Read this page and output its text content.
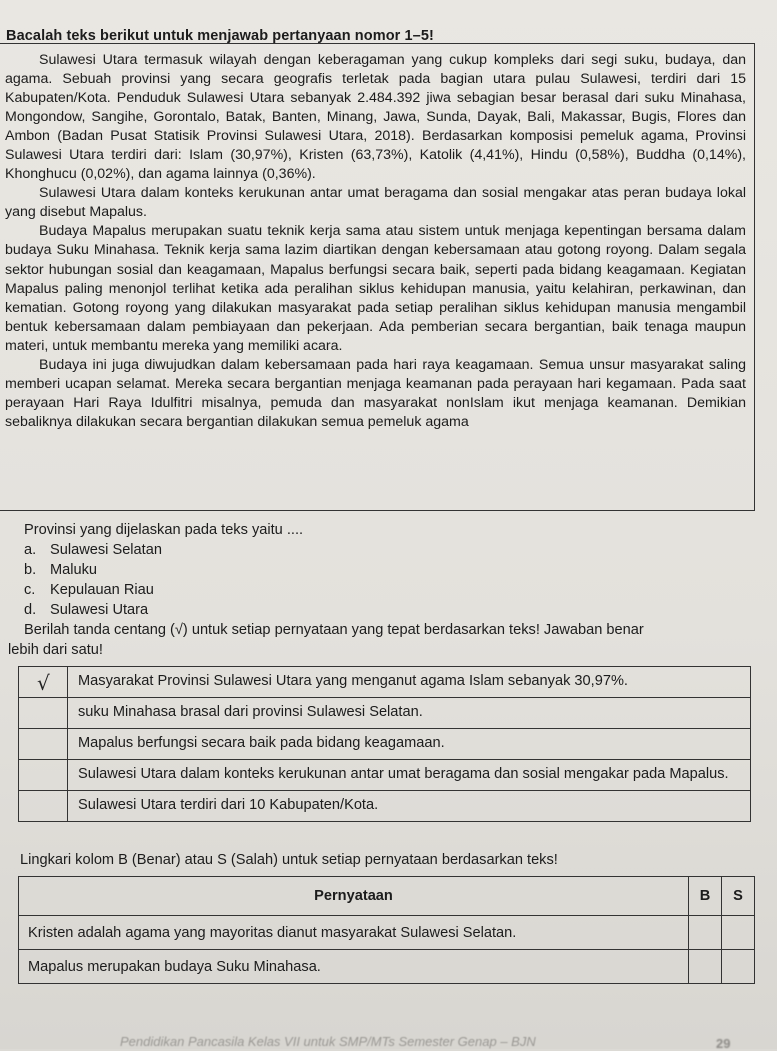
Bacalah teks berikut untuk menjawab pertanyaan nomor 1–5!

Sulawesi Utara termasuk wilayah dengan keberagaman yang cukup kompleks dari segi suku, budaya, dan agama. Sebuah provinsi yang secara geografis terletak pada bagian utara pulau Sulawesi, terdiri dari 15 Kabupaten/Kota. Penduduk Sulawesi Utara sebanyak 2.484.392 jiwa sebagian besar berasal dari suku Minahasa, Mongondow, Sangihe, Gorontalo, Batak, Banten, Minang, Jawa, Sunda, Dayak, Bali, Makassar, Bugis, Flores dan Ambon (Badan Pusat Statisik Provinsi Sulawesi Utara, 2018). Berdasarkan komposisi pemeluk agama, Provinsi Sulawesi Utara terdiri dari: Islam (30,97%), Kristen (63,73%), Katolik (4,41%), Hindu (0,58%), Buddha (0,14%), Khonghucu (0,02%), dan agama lainnya (0,36%).

Sulawesi Utara dalam konteks kerukunan antar umat beragama dan sosial mengakar atas peran budaya lokal yang disebut Mapalus.

Budaya Mapalus merupakan suatu teknik kerja sama atau sistem untuk menjaga kepentingan bersama dalam budaya Suku Minahasa. Teknik kerja sama lazim diartikan dengan kebersamaan atau gotong royong. Dalam segala sektor hubungan sosial dan keagamaan, Mapalus berfungsi secara baik, seperti pada bidang keagamaan. Kegiatan Mapalus paling menonjol terlihat ketika ada peralihan siklus kehidupan manusia, yaitu kelahiran, perkawinan, dan kematian. Gotong royong yang dilakukan masyarakat pada setiap peralihan siklus kehidupan manusia mengambil bentuk kebersamaan dalam pembiayaan dan pekerjaan. Ada pemberian secara bergantian, baik tenaga maupun materi, untuk membantu mereka yang memiliki acara.

Budaya ini juga diwujudkan dalam kebersamaan pada hari raya keagamaan. Semua unsur masyarakat saling memberi ucapan selamat. Mereka secara bergantian menjaga keamanan pada perayaan hari kegamaan. Pada saat perayaan Hari Raya Idulfitri misalnya, pemuda dan masyarakat nonIslam ikut menjaga keamanan. Demikian sebaliknya dilakukan secara bergantian dilakukan semua pemeluk agama

Provinsi yang dijelaskan pada teks yaitu ....
a. Sulawesi Selatan
b. Maluku
c.	Kepulauan Riau
d. Sulawesi Utara
Berilah tanda centang (√) untuk setiap pernyataan yang tepat berdasarkan teks! Jawaban benar
lebih dari satu!
√	Masyarakat Provinsi Sulawesi Utara yang menganut agama Islam sebanyak 30,97%.
	suku Minahasa brasal dari provinsi Sulawesi Selatan.
	Mapalus berfungsi secara baik pada bidang keagamaan.
	Sulawesi Utara dalam konteks kerukunan antar umat beragama dan sosial mengakar pada Mapalus.
	Sulawesi Utara terdiri dari 10 Kabupaten/Kota.
Lingkari kolom B (Benar) atau S (Salah) untuk setiap pernyataan berdasarkan teks!
Pernyataan	B	S
Kristen adalah agama yang mayoritas dianut masyarakat Sulawesi Selatan.		
Mapalus merupakan budaya Suku Minahasa.		
Pendidikan Pancasila Kelas VII untuk SMP/MTs Semester Genap – BJN	29
